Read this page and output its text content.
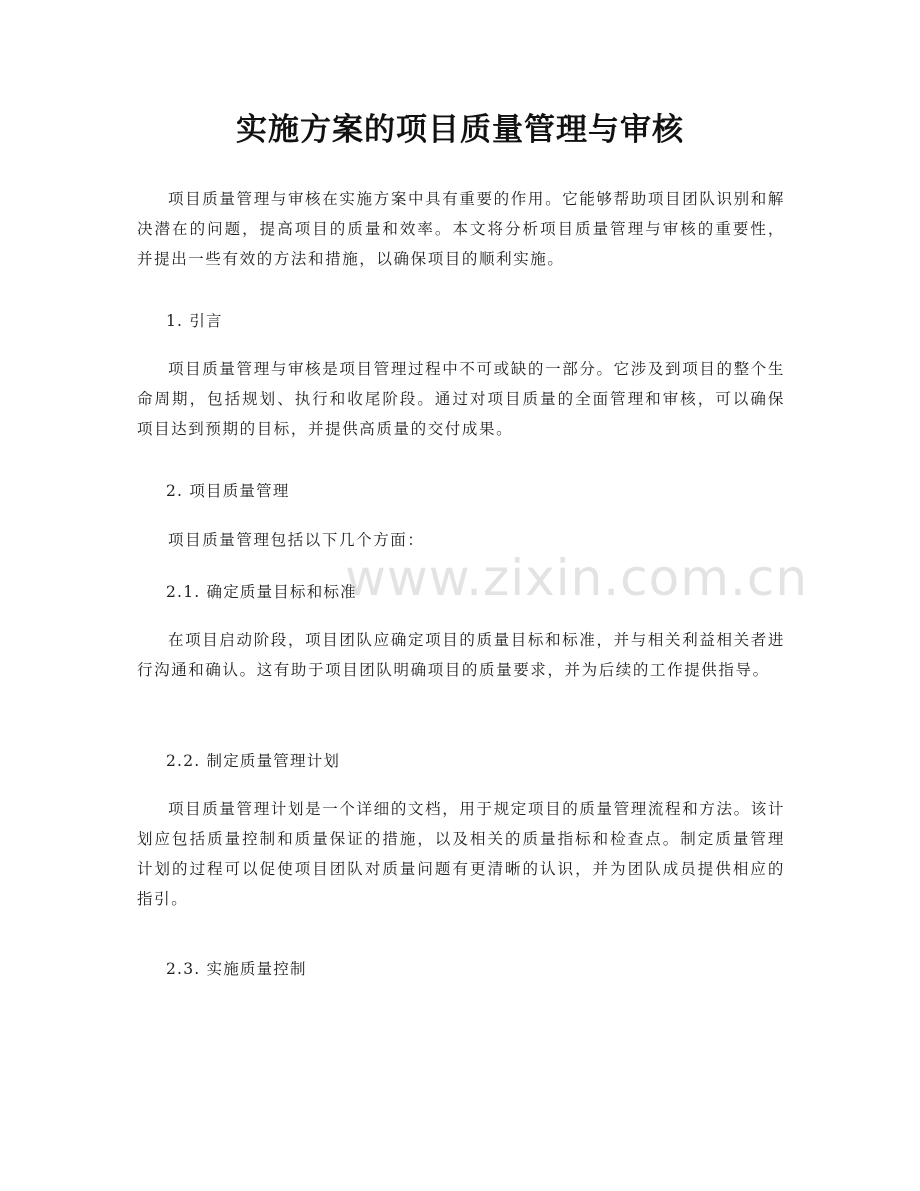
实施方案的项目质量管理与审核

项目质量管理与审核在实施方案中具有重要的作用。它能够帮助项目团队识别和解决潜在的问题，提高项目的质量和效率。本文将分析项目质量管理与审核的重要性，并提出一些有效的方法和措施，以确保项目的顺利实施。

1. 引言

项目质量管理与审核是项目管理过程中不可或缺的一部分。它涉及到项目的整个生命周期，包括规划、执行和收尾阶段。通过对项目质量的全面管理和审核，可以确保项目达到预期的目标，并提供高质量的交付成果。

2. 项目质量管理

项目质量管理包括以下几个方面：

2.1. 确定质量目标和标准

在项目启动阶段，项目团队应确定项目的质量目标和标准，并与相关利益相关者进行沟通和确认。这有助于项目团队明确项目的质量要求，并为后续的工作提供指导。

2.2. 制定质量管理计划

项目质量管理计划是一个详细的文档，用于规定项目的质量管理流程和方法。该计划应包括质量控制和质量保证的措施，以及相关的质量指标和检查点。制定质量管理计划的过程可以促使项目团队对质量问题有更清晰的认识，并为团队成员提供相应的指引。

2.3. 实施质量控制

www.zixin.com.cn
